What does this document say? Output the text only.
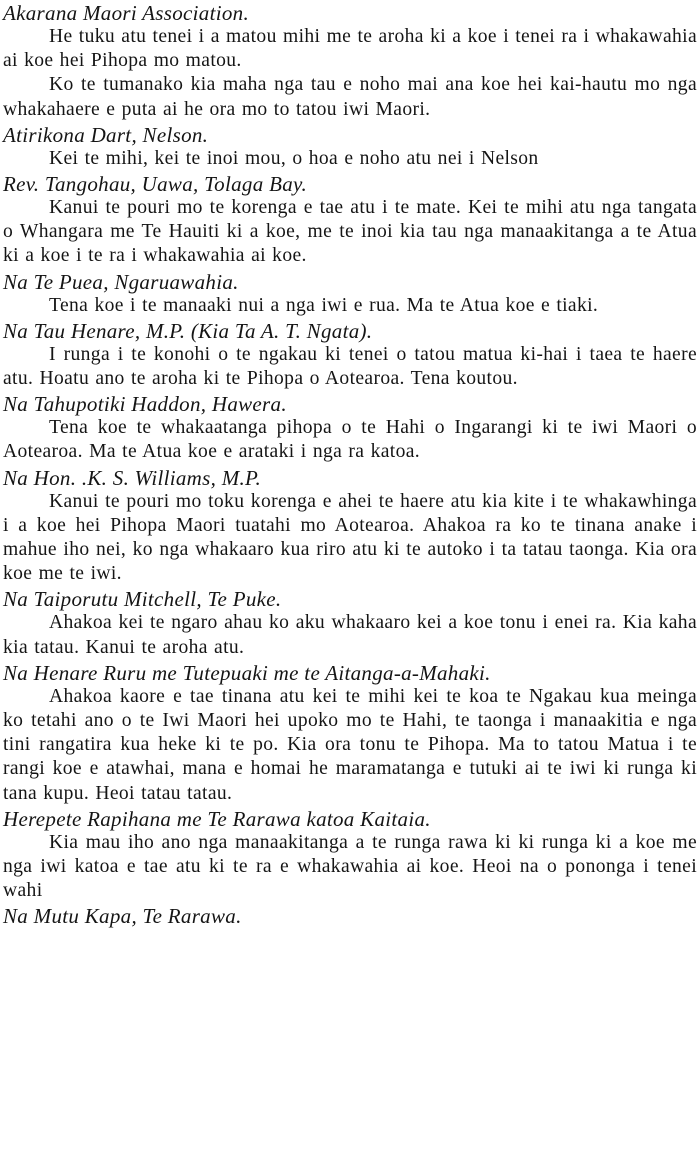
Akarana Maori Association.

He tuku atu tenei i a matou mihi me te aroha ki a koe i tenei ra i whakawahia ai koe hei Pihopa mo matou.

Ko te tumanako kia maha nga tau e noho mai ana koe hei kai-hautu mo nga whakahaere e puta ai he ora mo to tatou iwi Maori.

Atirikona Dart, Nelson.

Kei te mihi, kei te inoi mou, o hoa e noho atu nei i Nelson

Rev. Tangohau, Uawa, Tolaga Bay.

Kanui te pouri mo te korenga e tae atu i te mate. Kei te mihi atu nga tangata o Whangara me Te Hauiti ki a koe, me te inoi kia tau nga manaakitanga a te Atua ki a koe i te ra i whakawahia ai koe.

Na Te Puea, Ngaruawahia.

Tena koe i te manaaki nui a nga iwi e rua. Ma te Atua koe e tiaki.

Na Tau Henare, M.P. (Kia Ta A. T. Ngata).

I runga i te konohi o te ngakau ki tenei o tatou matua ki-hai i taea te haere atu. Hoatu ano te aroha ki te Pihopa o Aotearoa. Tena koutou.

Na Tahupotiki Haddon, Hawera.

Tena koe te whakaatanga pihopa o te Hahi o Ingarangi ki te iwi Maori o Aotearoa. Ma te Atua koe e arataki i nga ra katoa.

Na Hon. .K. S. Williams, M.P.

Kanui te pouri mo toku korenga e ahei te haere atu kia kite i te whakawhinga i a koe hei Pihopa Maori tuatahi mo Aotearoa. Ahakoa ra ko te tinana anake i mahue iho nei, ko nga whakaaro kua riro atu ki te autoko i ta tatau taonga. Kia ora koe me te iwi.

Na Taiporutu Mitchell, Te Puke.

Ahakoa kei te ngaro ahau ko aku whakaaro kei a koe tonu i enei ra. Kia kaha kia tatau. Kanui te aroha atu.

Na Henare Ruru me Tutepuaki me te Aitanga-a-Mahaki.

Ahakoa kaore e tae tinana atu kei te mihi kei te koa te Ngakau kua meinga ko tetahi ano o te Iwi Maori hei upoko mo te Hahi, te taonga i manaakitia e nga tini rangatira kua heke ki te po. Kia ora tonu te Pihopa. Ma to tatou Matua i te rangi koe e atawhai, mana e homai he maramatanga e tutuki ai te iwi ki runga ki tana kupu. Heoi tatau tatau.

Herepete Rapihana me Te Rarawa katoa Kaitaia.

Kia mau iho ano nga manaakitanga a te runga rawa ki ki runga ki a koe me nga iwi katoa e tae atu ki te ra e whakawahia ai koe. Heoi na o pononga i tenei wahi

Na Mutu Kapa, Te Rarawa.
